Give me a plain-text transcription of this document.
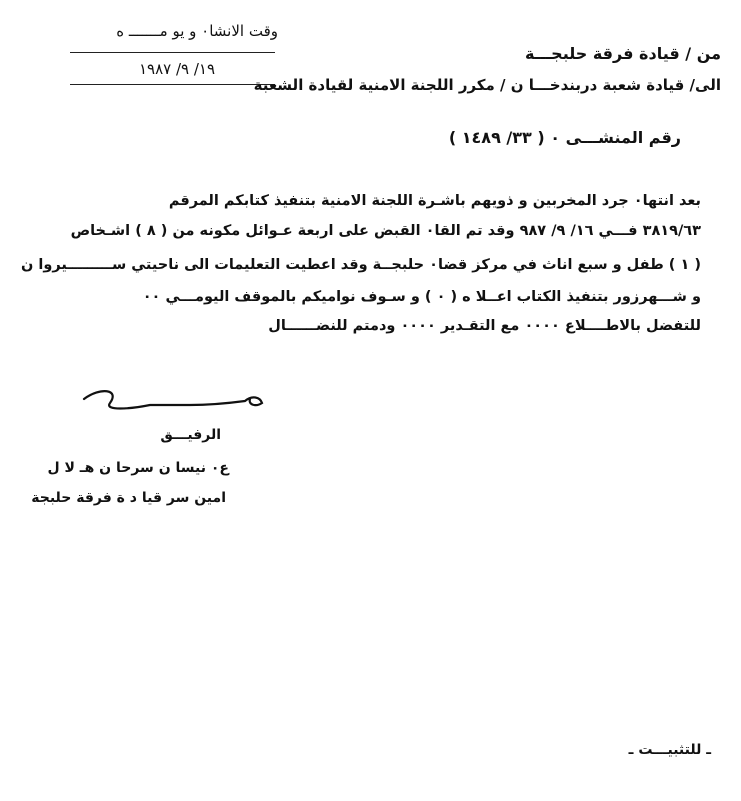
وقت الانشا٠ و يو مـــــــ ه
١٩/ ٩/ ١٩٨٧
من / قيادة فرقة حلبجـــة
الى/ قيادة شعبة دربندخـــا ن / مكرر اللجنة الامنية لقيادة الشعبة
رقم المنشـــى ٠ ( ٣٣/ ١٤٨٩ )
بعد انتها٠ جرد المخربين و ذويهم باشـرة اللجنة الامنية بتنفيذ كتابكم المرقم
٣٨١٩/٦٣ فـــي ١٦/ ٩/ ٩٨٧ وقد تم القا٠ القبض على اربعة عـوائل مكونه من ( ٨ ) اشـخاص
( ١ ) طفل و سبع اناث في مركز قضا٠ حلبجــة وقد اعطيت التعليمات الى ناحيتي ســـــــــيروا ن
و شـــهرزور بتنفيذ الكتاب اعــلا ه ( ٠ ) و سـوف نواميكم بالموقف اليومـــي ٠٠
للتفضل بالاطــــلاع ٠٠٠٠ مع التقـدير ٠٠٠٠ ودمتم للنضــــــال
الرفيـــق
ع٠ نيسا ن سرحا ن هـ لا ل
امين سر قيا د ة فرقة حلبجة
ـ للتثبيـــت ـ
